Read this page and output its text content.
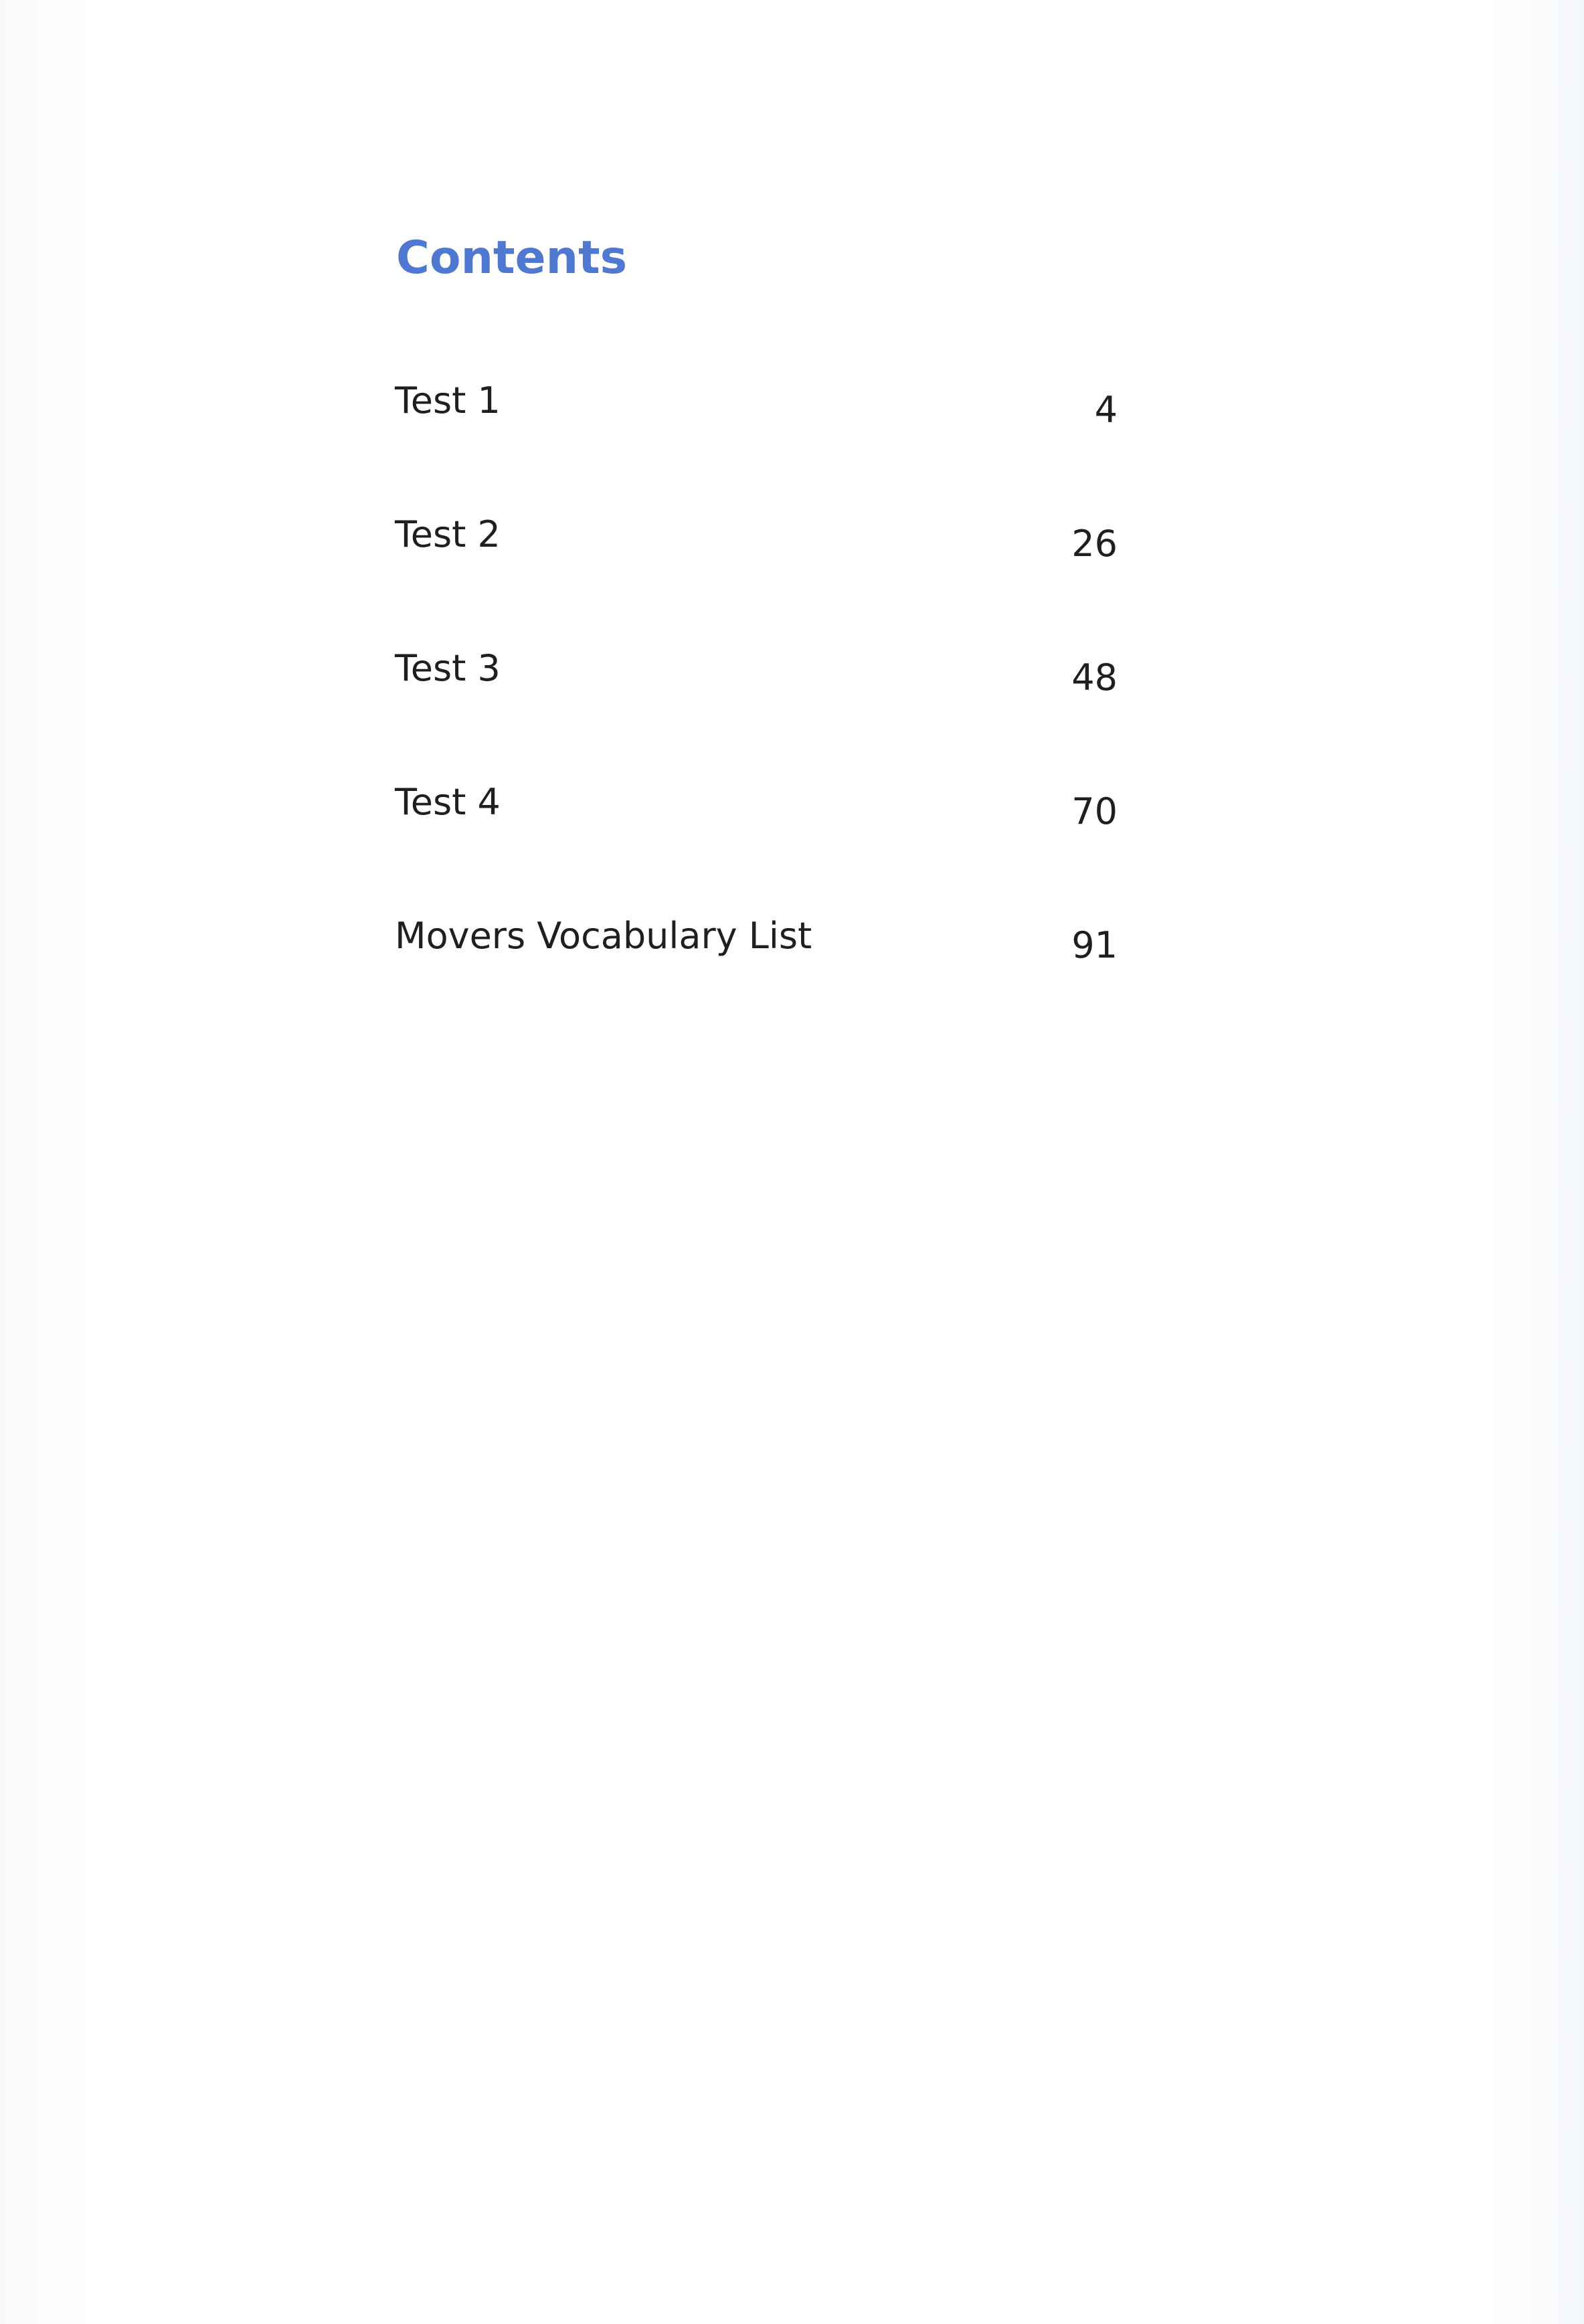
Contents
Test 1	4
Test 2	26
Test 3	48
Test 4	70
Movers Vocabulary List	91
